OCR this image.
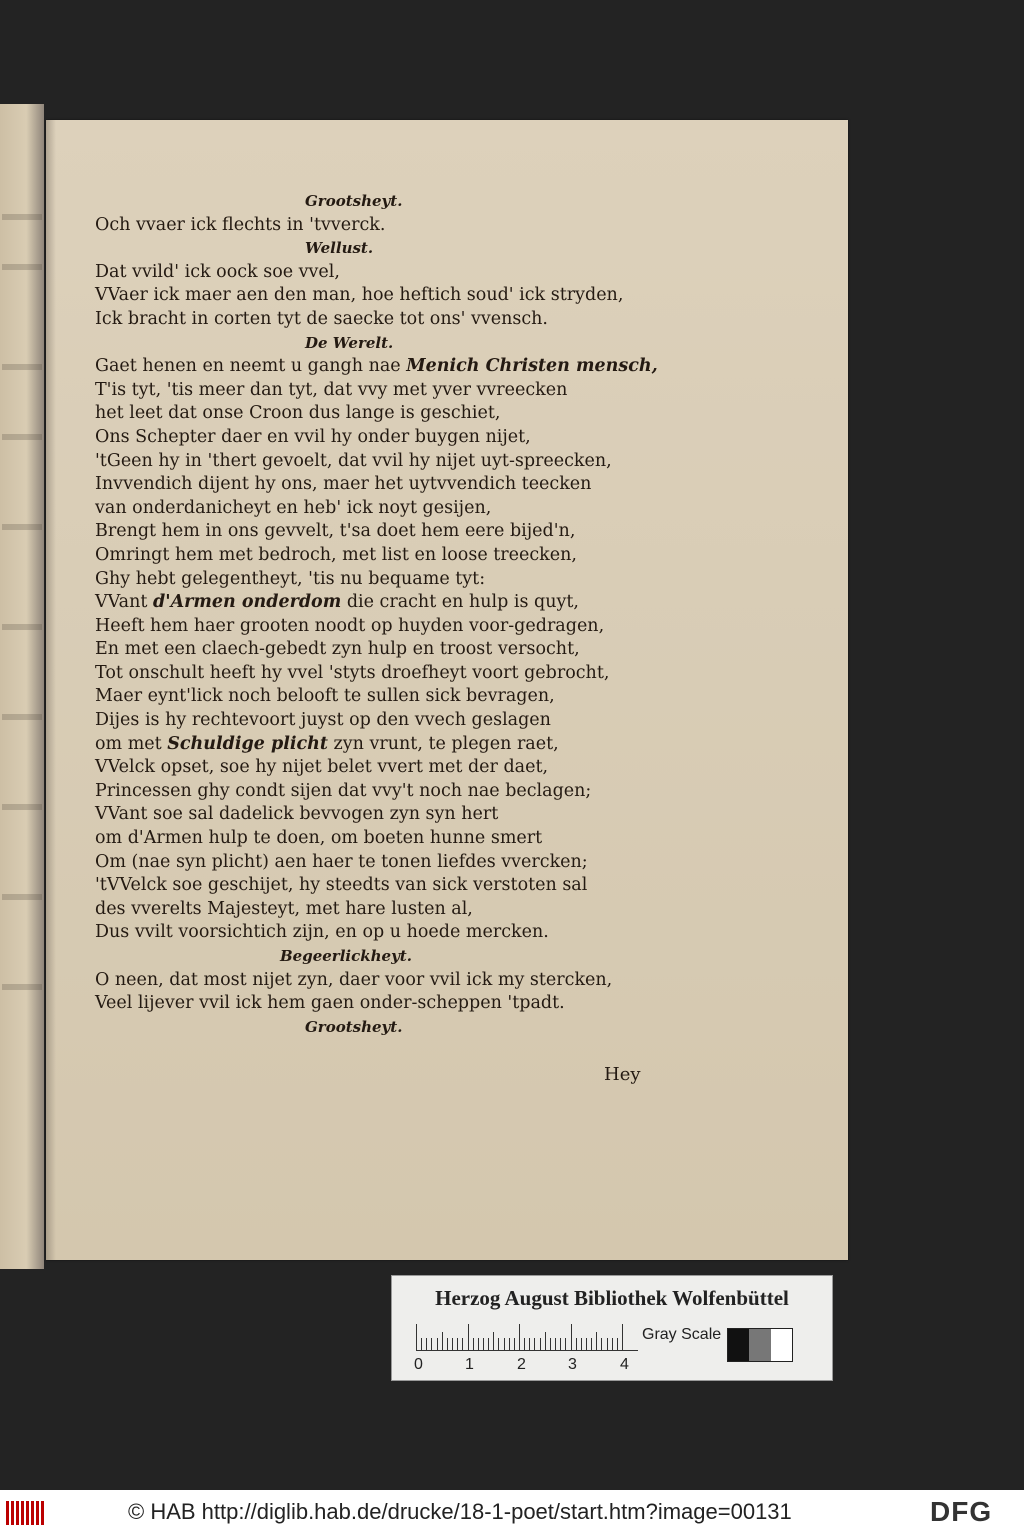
Grootsheyt.
Och vvaer ick flechts in 'tvverck.
Wellust.
Dat vvild' ick oock soe vvel,
VVaer ick maer aen den man, hoe heftich soud' ick stryden,
Ick bracht in corten tyt de saecke tot ons' vvensch.
De Werelt.
Gaet henen en neemt u gangh nae Menich Christen mensch,
T'is tyt, 'tis meer dan tyt, dat vvy met yver vvreecken
het leet dat onse Croon dus lange is geschiet,
Ons Schepter daer en vvil hy onder buygen nijet,
'tGeen hy in 'thert gevoelt, dat vvil hy nijet uyt-spreecken,
Invvendich dijent hy ons, maer het uytvvendich teecken
van onderdanicheyt en heb' ick noyt gesijen,
Brengt hem in ons gevvelt, t'sa doet hem eere bijed'n,
Omringt hem met bedroch, met list en loose treecken,
Ghy hebt gelegentheyt, 'tis nu bequame tyt:
VVant d'Armen onderdom die cracht en hulp is quyt,
Heeft hem haer grooten noodt op huyden voor-gedragen,
En met een claech-gebedt zyn hulp en troost versocht,
Tot onschult heeft hy vvel 'styts droefheyt voort gebrocht,
Maer eynt'lick noch belooft te sullen sick bevragen,
Dijes is hy rechtevoort juyst op den vvech geslagen
om met Schuldige plicht zyn vrunt, te plegen raet,
VVelck opset, soe hy nijet belet vvert met der daet,
Princessen ghy condt sijen dat vvy't noch nae beclagen;
VVant soe sal dadelick bevvogen zyn syn hert
om d'Armen hulp te doen, om boeten hunne smert
Om (nae syn plicht) aen haer te tonen liefdes vvercken;
'tVVelck soe geschijet, hy steedts van sick verstoten sal
des vverelts Majesteyt, met hare lusten al,
Dus vvilt voorsichtich zijn, en op u hoede mercken.
Begeerlickheyt.
O neen, dat most nijet zyn, daer voor vvil ick my stercken,
Veel lijever vvil ick hem gaen onder-scheppen 'tpadt.
Grootsheyt.
Hey
Herzog August Bibliothek Wolfenbüttel
0	1	2	3	4
Gray Scale
© HAB http://diglib.hab.de/drucke/18-1-poet/start.htm?image=00131	DFG
